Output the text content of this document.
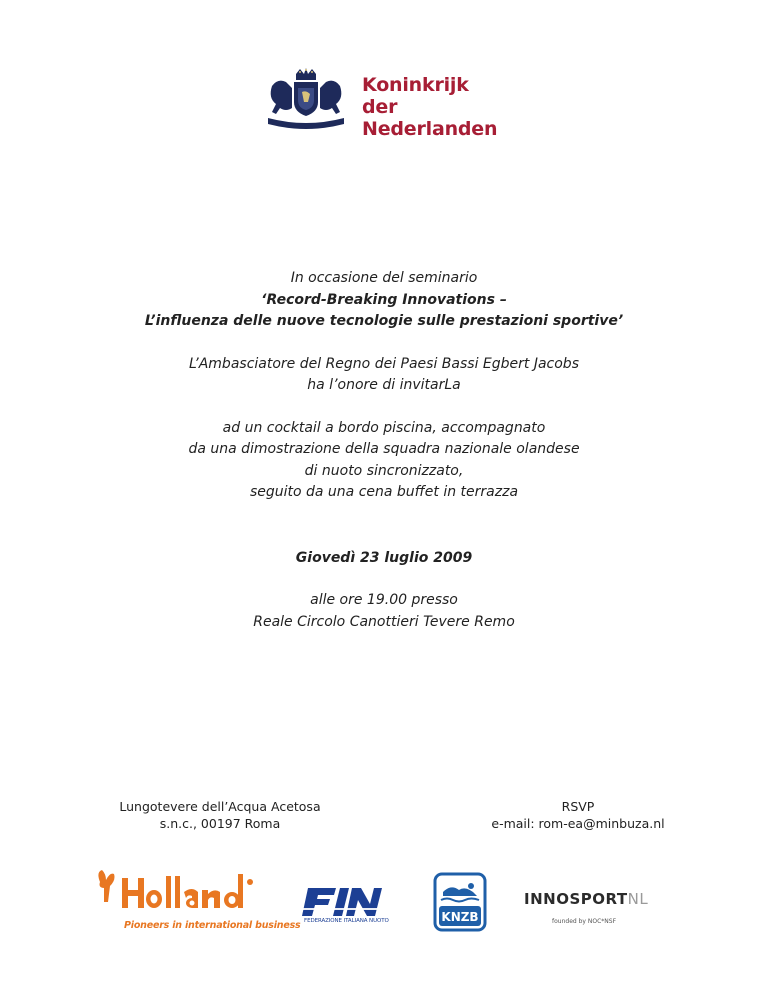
Koninkrijk
der Nederlanden
In occasione del seminario
‘Record-Breaking Innovations –
L’influenza delle nuove tecnologie sulle prestazioni sportive’
L’Ambasciatore del Regno dei Paesi Bassi Egbert Jacobs
ha l’onore di invitarLa
ad un cocktail a bordo piscina, accompagnato
da una dimostrazione della squadra nazionale olandese
di nuoto sincronizzato,
seguito da una cena buffet in terrazza
Giovedì 23 luglio 2009
alle ore 19.00 presso
Reale Circolo Canottieri Tevere Remo
Lungotevere dell’Acqua Acetosa
s.n.c., 00197 Roma
RSVP
e-mail: rom-ea@minbuza.nl
Pioneers in international business FEDERAZIONE ITALIANA NUOTO	KNZB
INNOSPORTNL
founded by NOC*NSF
